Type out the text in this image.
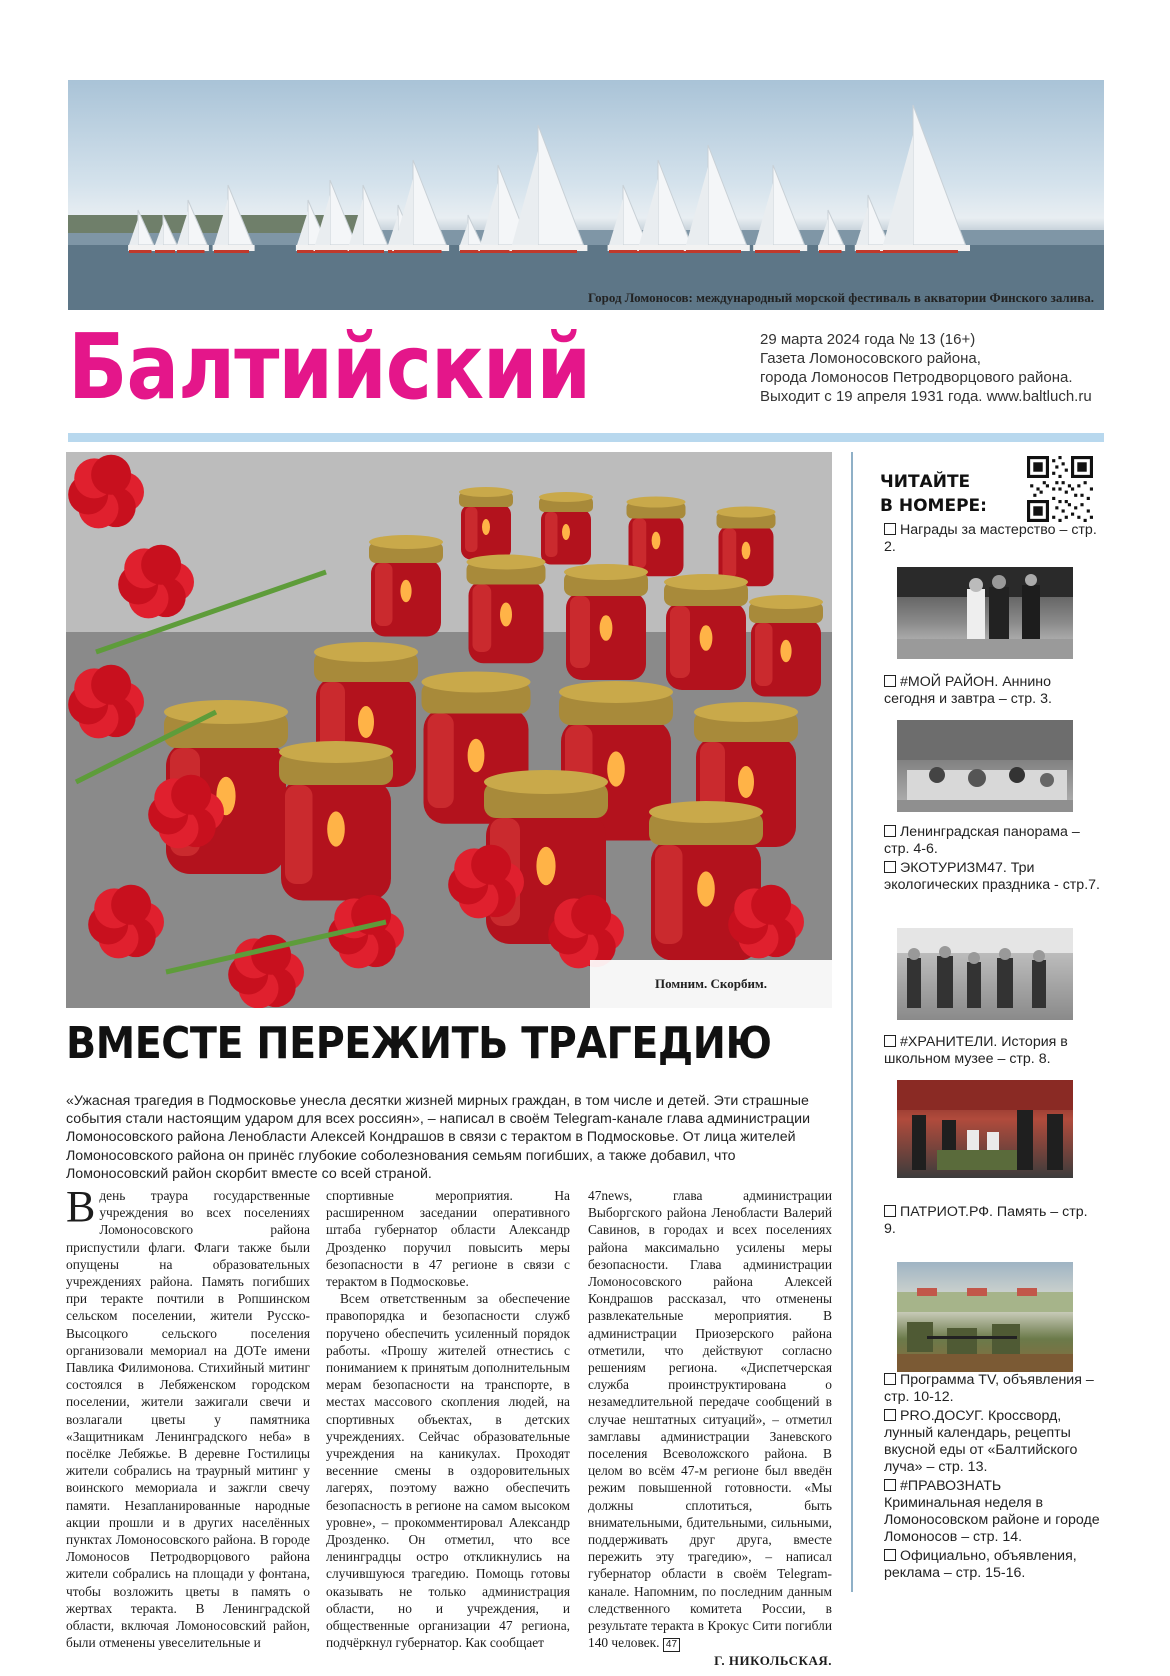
Город Ломоносов: международный морской фестиваль в акватории Финского залива.
Балтийский	29 марта 2024 года № 13 (16+)
Газета Ломоносовского района,
города Ломоносов Петродворцового района.
Выходит с 19 апреля 1931 года. www.baltluch.ru
Помним. Скорбим.
ВМЕСТЕ ПЕРЕЖИТЬ ТРАГЕДИЮ
«Ужасная трагедия в Подмосковье унесла десятки жизней мирных граждан, в том числе и детей. Эти страшные события стали настоящим ударом для всех россиян», – написал в своём Telegram-канале глава администрации Ломоносовского района Ленобласти Алексей Кондрашов в связи с терактом в Подмосковье. От лица жителей Ломоносовского района он принёс глубокие соболезнования семьям погибших, а также добавил, что Ломоносовский район скорбит вместе со всей страной.
Вдень траура государственные учреждения во всех поселениях Ломоносовского района приспустили флаги. Флаги также были опущены на образовательных учреждениях района. Память погибших при теракте почтили в Ропшинском сельском поселении, жители Русско-Высоцкого сельского поселения организовали мемориал на ДОТе имени Павлика Филимонова. Стихийный митинг состоялся в Лебяженском городском поселении, жители зажигали свечи и возлагали цветы у памятника «Защитникам Ленинградского неба» в посёлке Лебяжье. В деревне Гостилицы жители собрались на траурный митинг у воинского мемориала и зажгли свечу памяти. Незапланированные народные акции прошли и в других населённых пунктах Ломоносовского района. В городе Ломоносов Петродворцового района жители собрались на площади у фонтана, чтобы возложить цветы в память о жертвах теракта. В Ленинградской области, включая Ломоносовский район, были отменены увеселительные и
спортивные мероприятия. На расширенном заседании оперативного штаба губернатор области Александр Дрозденко поручил повысить меры безопасности в 47 регионе в связи с терактом в Подмосковье.
Всем ответственным за обеспечение правопорядка и безопасности служб поручено обеспечить усиленный порядок работы. «Прошу жителей отнестись с пониманием к принятым дополнительным мерам безопасности на транспорте, в местах массового скопления людей, на спортивных объектах, в детских учреждениях. Сейчас образовательные учреждения на каникулах. Проходят весенние смены в оздоровительных лагерях, поэтому важно обеспечить безопасность в регионе на самом высоком уровне», – прокомментировал Александр Дрозденко. Он отметил, что все ленинградцы остро откликнулись на случившуюся трагедию. Помощь готовы оказывать не только администрация области, но и учреждения, и общественные организации 47 региона, подчёркнул губернатор. Как сообщает
47news, глава администрации Выборгского района Ленобласти Валерий Савинов, в городах и всех поселениях района максимально усилены меры безопасности. Глава администрации Ломоносовского района Алексей Кондрашов рассказал, что отменены развлекательные мероприятия. В администрации Приозерского района отметили, что действуют согласно решениям региона. «Диспетчерская служба проинструктирована о незамедлительной передаче сообщений в случае нештатных ситуаций», – отметил замглавы администрации Заневского поселения Всеволожского района. В целом во всём 47-м регионе был введён режим повышенной готовности. «Мы должны сплотиться, быть внимательными, бдительными, сильными, поддерживать друг друга, вместе пережить эту трагедию», – написал губернатор области в своём Telegram-канале. Напомним, по последним данным следственного комитета России, в результате теракта в Крокус Сити погибли 140 человек. 47
Г. НИКОЛЬСКАЯ.
ЧИТАЙТЕ
В НОМЕРЕ:
Награды за мастерство – стр. 2.
#МОЙ РАЙОН. Аннино сегодня и завтра – стр. 3.
Ленинградская панорама – стр. 4-6.
ЭКОТУРИЗМ47. Три экологических праздника - стр.7.
#ХРАНИТЕЛИ. История в школьном музее – стр. 8.
ПАТРИОТ.РФ. Память – стр. 9.
Программа TV, объявления – стр. 10-12.
PRO.ДОСУГ. Кроссворд, лунный календарь, рецепты вкусной еды от «Балтийского луча» – стр. 13.
#ПРАВОЗНАТЬ Криминальная неделя в Ломоносовском районе и городе Ломоносов – стр. 14.
Официально, объявления, реклама – стр. 15-16.
